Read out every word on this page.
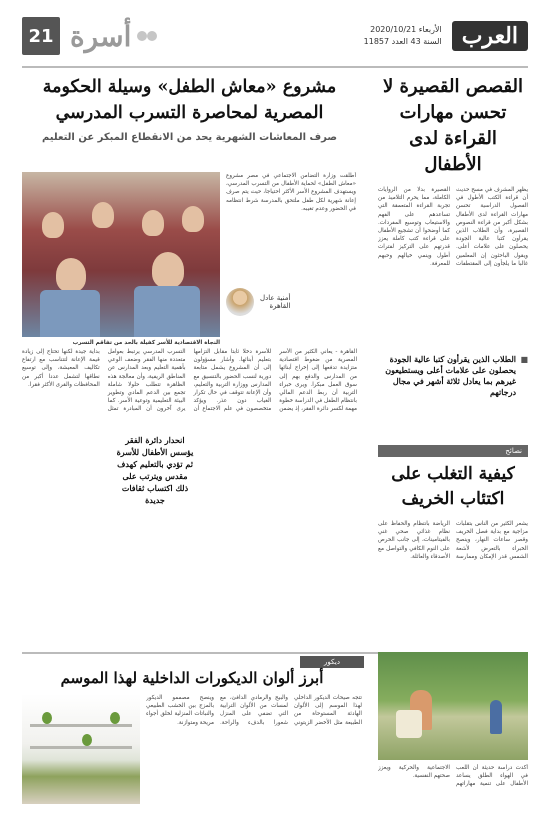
21 أسرة	الأربعاء 2020/10/21
السنة 43 العدد 11857 العرب
القصص القصيرة لا تحسن مهارات القراءة لدى الأطفال
يظهر المشرف في مسح حديث أن قراءة الكتب الأطول في الفصول الدراسية تحسن مهارات القراءة لدى الأطفال بشكل أكبر من قراءة النصوص القصيرة، وأن الطلاب الذين يقرأون كتبا عالية الجودة يحصلون على علامات أعلى. ويقول الباحثون إن المعلمين غالبا ما يلجأون إلى المقتطفات القصيرة بدلا من الروايات الكاملة، مما يحرم التلاميذ من تجربة القراءة المتعمقة التي تساعدهم على الفهم والاستيعاب وتوسيع المفردات. كما أوضحوا أن تشجيع الأطفال على قراءة كتب كاملة يعزز قدرتهم على التركيز لفترات أطول وينمي خيالهم وحبهم للمعرفة.
■ الطلاب الذين يقرأون كتبا عالية الجودة يحصلون على علامات أعلى ويستطيعون غيرهم بما يعادل ثلاثة أشهر في مجال درجاتهم
مشروع «معاش الطفل» وسيلة الحكومة المصرية لمحاصرة التسرب المدرسي
صرف المعاشات الشهرية يحد من الانقطاع المبكر عن التعليم
النجاة الاقتصادية للأسر كفيلة بالحد من تفاقم التسرب
أطلقت وزارة التضامن الاجتماعي في مصر مشروع «معاش الطفل» لحماية الأطفال من التسرب المدرسي، ويستهدف المشروع الأسر الأكثر احتياجا، حيث يتم صرف إعانة شهرية لكل طفل ملتحق بالمدرسة شرط انتظامه في الحضور وعدم تغيبه.
أمنية عادل
القاهرة
القاهرة - يعاني الكثير من الأسر المصرية من ضغوط اقتصادية متزايدة تدفعها إلى إخراج أبنائها من المدارس والدفع بهم إلى سوق العمل مبكرا. ويرى خبراء التربية أن ربط الدعم المالي بانتظام الطفل في الدراسة خطوة مهمة لكسر دائرة الفقر، إذ يضمن للأسرة دخلا ثابتا مقابل التزامها بتعليم أبنائها. وأشار مسؤولون إلى أن المشروع يشمل متابعة دورية لنسب الحضور بالتنسيق مع المدارس ووزارة التربية والتعليم، وأن الإعانة تتوقف في حال تكرار الغياب دون عذر. ويؤكد متخصصون في علم الاجتماع أن التسرب المدرسي يرتبط بعوامل متعددة منها الفقر وضعف الوعي بأهمية التعليم وبعد المدارس عن المناطق الريفية، وأن معالجة هذه الظاهرة تتطلب حلولا شاملة تجمع بين الدعم المادي وتطوير البيئة التعليمية وتوعية الأسر. كما يرى آخرون أن المبادرة تمثل بداية جيدة لكنها تحتاج إلى زيادة قيمة الإعانة لتتناسب مع ارتفاع تكاليف المعيشة، وإلى توسيع نطاقها لتشمل عددا أكبر من المحافظات والقرى الأكثر فقرا.
انحدار دائرة الفقر يؤسس الأطفال للأسرة ثم تؤدي بالتعليم كهدف مقدس ويترتب على ذلك اكتساب ثقافات جديدة
نصائح
كيفية التغلب على اكتئاب الخريف
يشعر الكثير من الناس بتقلبات مزاجية مع بداية فصل الخريف وقصر ساعات النهار، وينصح الخبراء بالتعرض لأشعة الشمس قدر الإمكان وممارسة الرياضة بانتظام والحفاظ على نظام غذائي صحي غني بالفيتامينات، إلى جانب الحرص على النوم الكافي والتواصل مع الأصدقاء والعائلة.
ديكور
أبرز ألوان الديكورات الداخلية لهذا الموسم
تتجه صيحات الديكور الداخلي لهذا الموسم إلى الألوان الهادئة المستوحاة من الطبيعة مثل الأخضر الزيتوني والبيج والرمادي الدافئ، مع لمسات من الألوان الترابية التي تضفي على المنزل شعورا بالدفء والراحة. وينصح مصممو الديكور بالمزج بين الخشب الطبيعي والنباتات المنزلية لخلق أجواء مريحة ومتوازنة.
أكدت دراسة حديثة أن اللعب في الهواء الطلق يساعد الأطفال على تنمية مهاراتهم الاجتماعية والحركية ويعزز صحتهم النفسية.
